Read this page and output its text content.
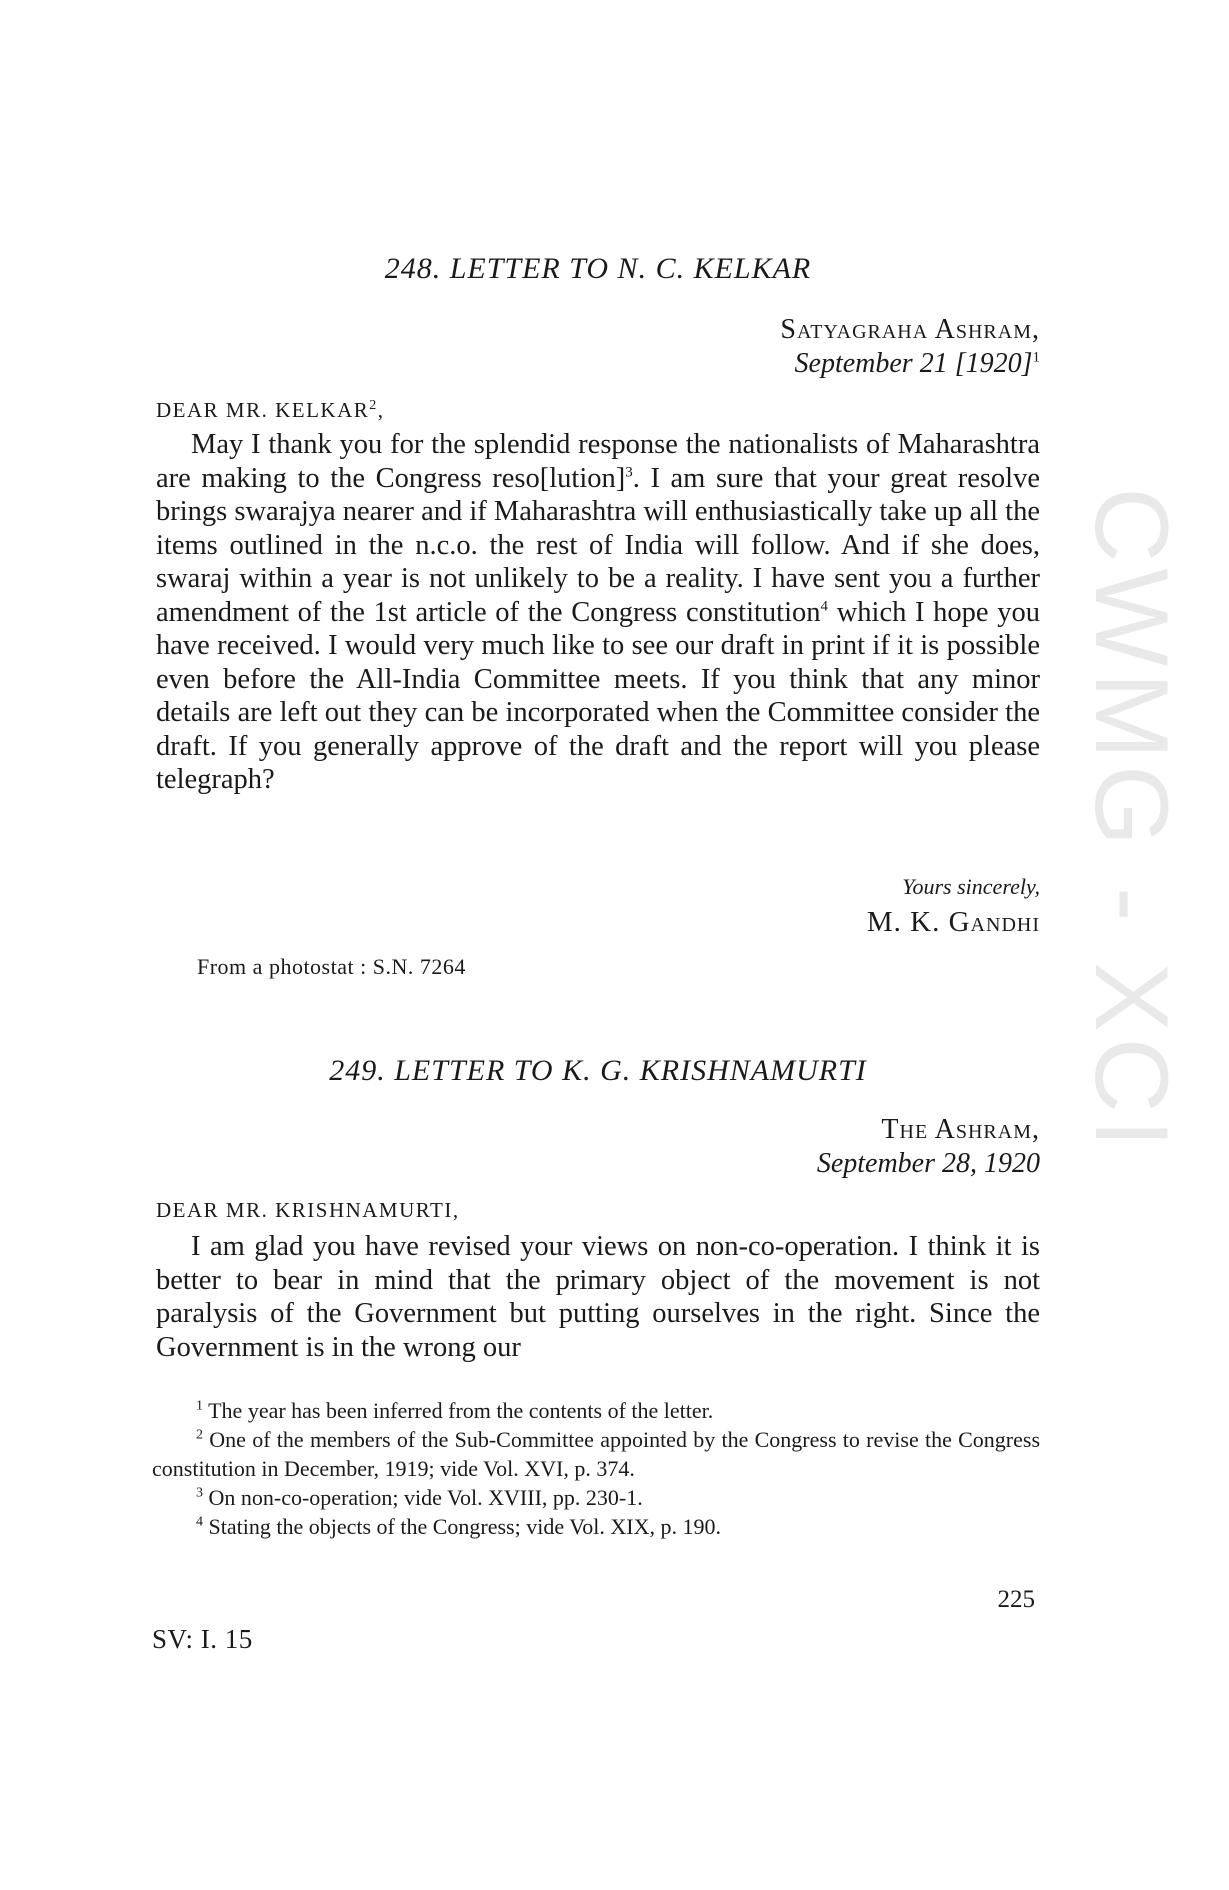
CWMG - XCI
248. LETTER TO N. C. KELKAR
Satyagraha Ashram,
September 21 $[1920]^1$
DEAR MR. KELKAR$^2$,

May I thank you for the splendid response the nationalists of Maharashtra are making to the Congress reso[lution]$^3$. I am sure that your great resolve brings swarajya nearer and if Maharashtra will enthusiastically take up all the items outlined in the n.c.o. the rest of India will follow. And if she does, swaraj within a year is not unlikely to be a reality. I have sent you a further amendment of the 1st article of the Congress constitution$^4$ which I hope you have received. I would very much like to see our draft in print if it is possible even before the All-India Committee meets. If you think that any minor details are left out they can be incorporated when the Committee consider the draft. If you generally approve of the draft and the report will you please telegraph?

Yours sincerely,
M. K. Gandhi
From a photostat : S.N. 7264
249. LETTER TO K. G. KRISHNAMURTI
The Ashram,
September 28, 1920
DEAR MR. KRISHNAMURTI,

I am glad you have revised your views on non-co-operation. I think it is better to bear in mind that the primary object of the movement is not paralysis of the Government but putting ourselves in the right. Since the Government is in the wrong our

$^1$ The year has been inferred from the contents of the letter.

$^2$ One of the members of the Sub-Committee appointed by the Congress to revise the Congress constitution in December, 1919; vide Vol. XVI, p. 374.

$^3$ On non-co-operation; vide Vol. XVIII, pp. 230-1.

$^4$ Stating the objects of the Congress; vide Vol. XIX, p. 190.

225
SV: I. 15
